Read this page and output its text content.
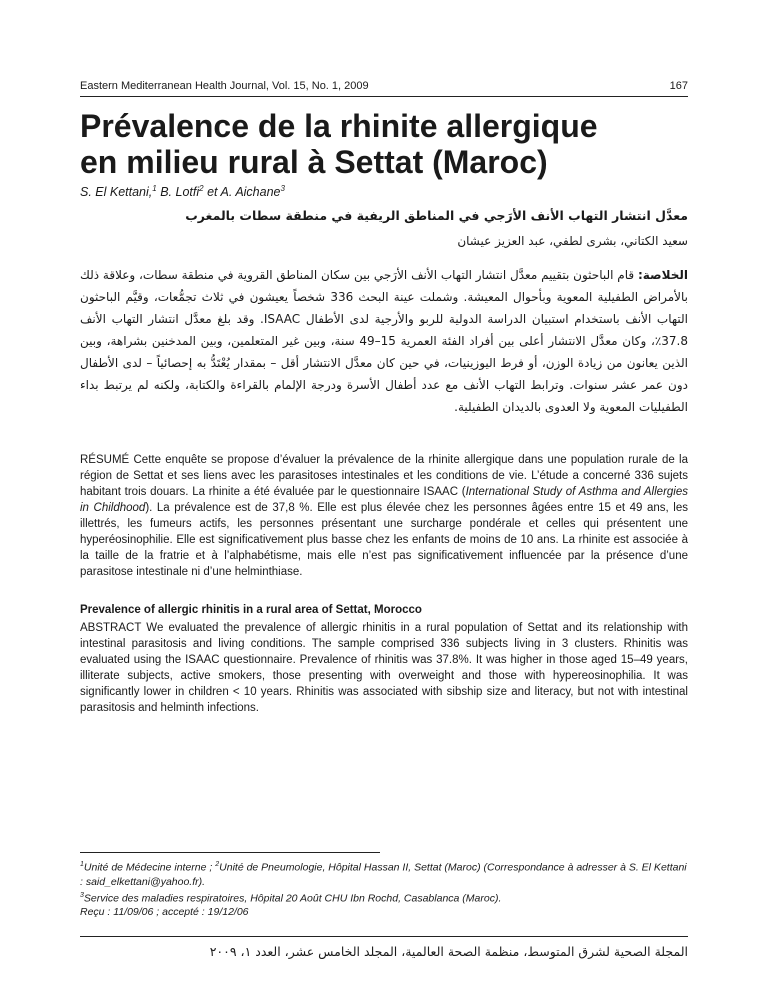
Eastern Mediterranean Health Journal, Vol. 15, No. 1, 2009	167
Prévalence de la rhinite allergique
en milieu rural à Settat (Maroc)
S. El Kettani,$^1$ B. Lotfi$^2$ et A. Aichane$^3$
معدَّل انتشار التهاب الأنف الأرَجي في المناطق الريفية في منطقة سطات بالمغرب
سعيد الكتاني، بشرى لطفي، عبد العزيز عيشان

الخلاصة: قام الباحثون بتقييم معدَّل انتشار التهاب الأنف الأرَجي بين سكان المناطق القروية في منطقة سطات، وعلاقة ذلك بالأمراض الطفيلية المعوية وبأحوال المعيشة. وشملت عينة البحث 336 شخصاً يعيشون في ثلاث تجمُّعات، وقيَّم الباحثون التهاب الأنف باستخدام استبيان الدراسة الدولية للربو والأرجية لدى الأطفال ISAAC. وقد بلغ معدَّل انتشار التهاب الأنف 37.8٪، وكان معدَّل الانتشار أعلى بين أفراد الفئة العمرية 15–49 سنة، وبين غير المتعلمين، وبين المدخنين بشراهة، وبين الذين يعانون من زيادة الوزن، أو فرط اليوزينيات، في حين كان معدَّل الانتشار أقل – بمقدار يُعْتَدُّ به إحصائياً – لدى الأطفال دون عمر عشر سنوات. وترابط التهاب الأنف مع عدد أطفال الأسرة ودرجة الإلمام بالقراءة والكتابة، ولكنه لم يرتبط بداء الطفيليات المعوية ولا العدوى بالديدان الطفيلية.

RÉSUMÉ Cette enquête se propose d’évaluer la prévalence de la rhinite allergique dans une population rurale de la région de Settat et ses liens avec les parasitoses intestinales et les conditions de vie. L’étude a concerné 336 sujets habitant trois douars. La rhinite a été évaluée par le questionnaire ISAAC (International Study of Asthma and Allergies in Childhood). La prévalence est de 37,8 %. Elle est plus élevée chez les personnes âgées entre 15 et 49 ans, les illettrés, les fumeurs actifs, les personnes présentant une surcharge pondérale et celles qui présentent une hyperéosinophilie. Elle est significativement plus basse chez les enfants de moins de 10 ans. La rhinite est associée à la taille de la fratrie et à l’alphabétisme, mais elle n’est pas significativement influencée par la présence d’une parasitose intestinale ni d’une helminthiase.

Prevalence of allergic rhinitis in a rural area of Settat, Morocco

ABSTRACT We evaluated the prevalence of allergic rhinitis in a rural population of Settat and its relationship with intestinal parasitosis and living conditions. The sample comprised 336 subjects living in 3 clusters. Rhinitis was evaluated using the ISAAC questionnaire. Prevalence of rhinitis was 37.8%. It was higher in those aged 15–49 years, illiterate subjects, active smokers, those presenting with overweight and those with hypereosinophilia. It was significantly lower in children < 10 years. Rhinitis was associated with sibship size and literacy, but not with intestinal parasitosis and helminth infections.

$^1$Unité de Médecine interne ; $^2$Unité de Pneumologie, Hôpital Hassan II, Settat (Maroc) (Correspondance à adresser à S. El Kettani : said_elkettani@yahoo.fr).

$^3$Service des maladies respiratoires, Hôpital 20 Août CHU Ibn Rochd, Casablanca (Maroc).

Reçu : 11/09/06 ; accepté : 19/12/06

المجلة الصحية لشرق المتوسط، منظمة الصحة العالمية، المجلد الخامس عشر، العدد ١، ٢٠٠٩
